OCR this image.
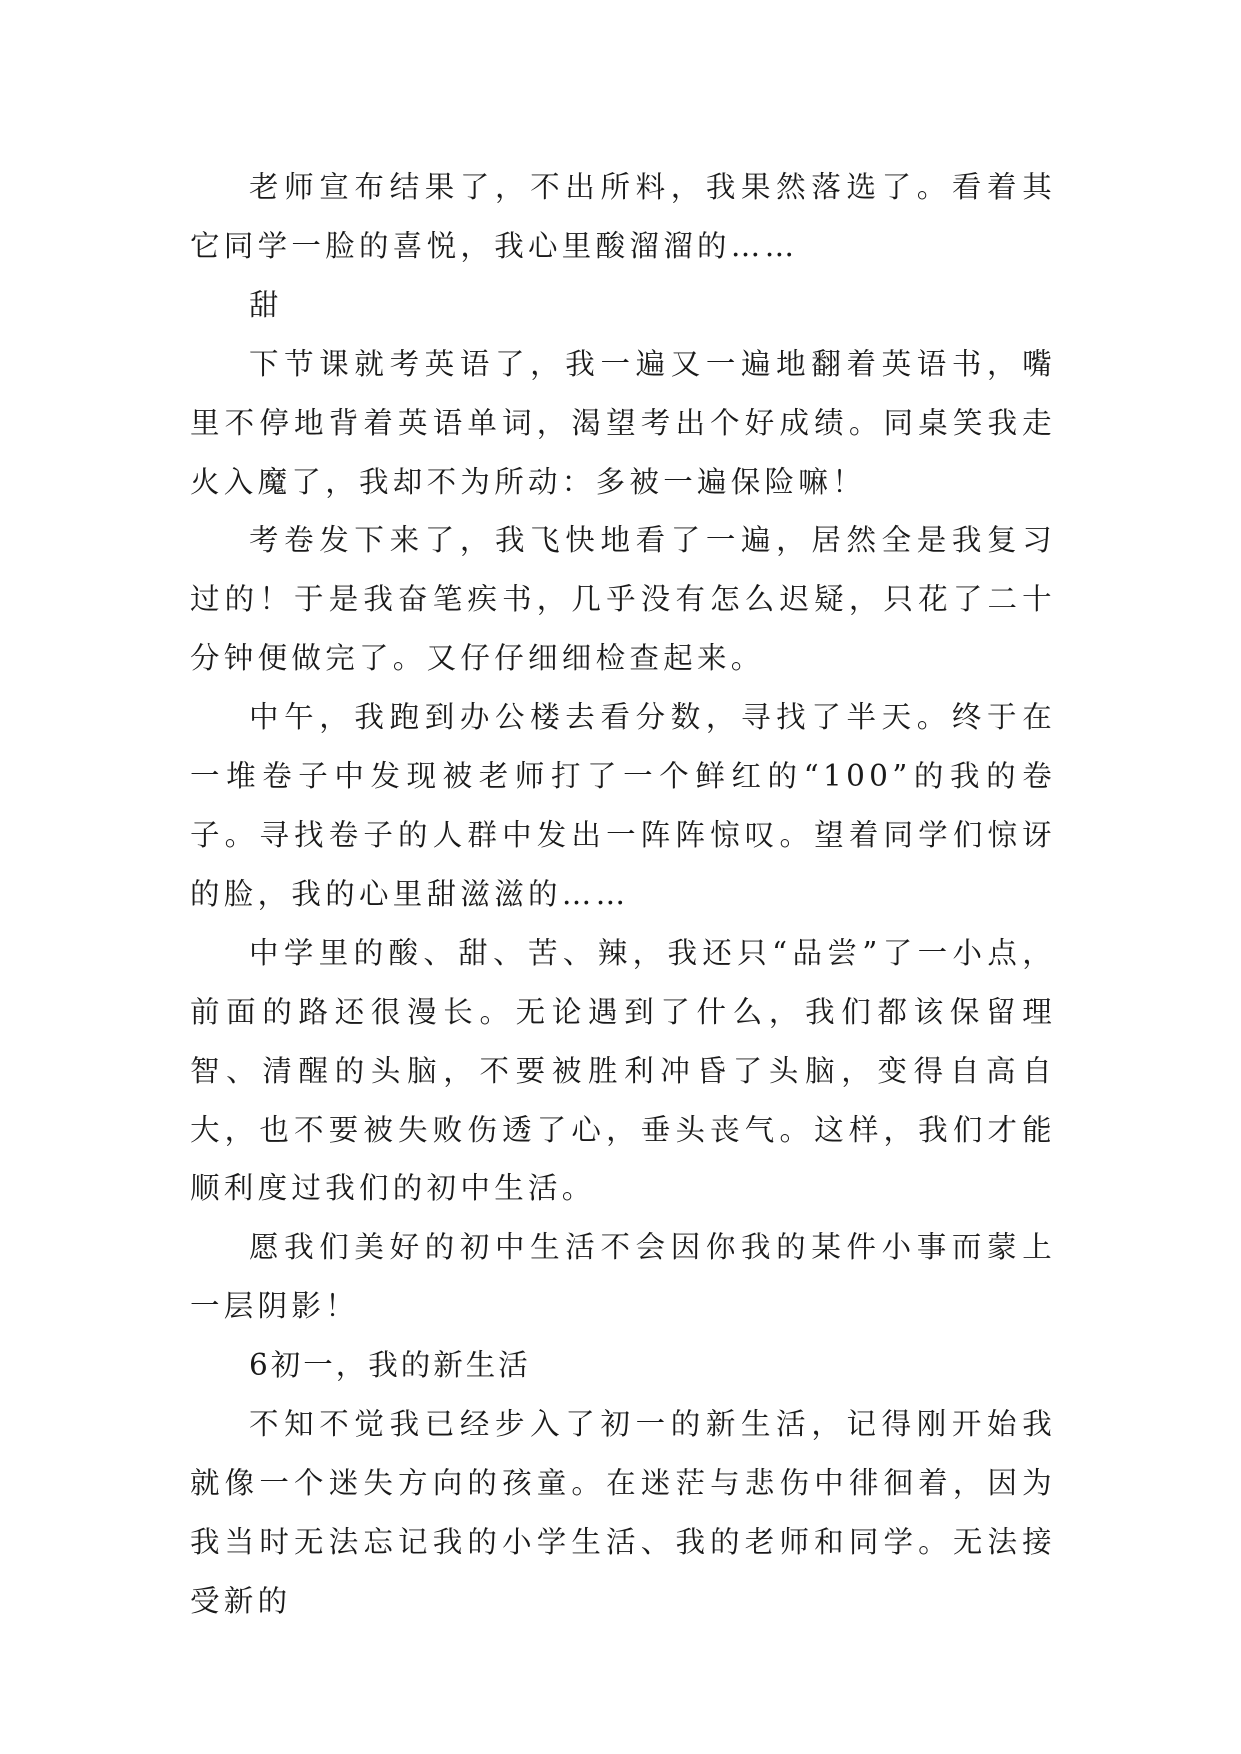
老师宣布结果了，不出所料，我果然落选了。看着其它同学一脸的喜悦，我心里酸溜溜的……

甜

下节课就考英语了，我一遍又一遍地翻着英语书，嘴里不停地背着英语单词，渴望考出个好成绩。同桌笑我走火入魔了，我却不为所动：多被一遍保险嘛！

考卷发下来了，我飞快地看了一遍，居然全是我复习过的！于是我奋笔疾书，几乎没有怎么迟疑，只花了二十分钟便做完了。又仔仔细细检查起来。

中午，我跑到办公楼去看分数，寻找了半天。终于在一堆卷子中发现被老师打了一个鲜红的“100”的我的卷子。寻找卷子的人群中发出一阵阵惊叹。望着同学们惊讶的脸，我的心里甜滋滋的……

中学里的酸、甜、苦、辣，我还只“品尝”了一小点，前面的路还很漫长。无论遇到了什么，我们都该保留理智、清醒的头脑，不要被胜利冲昏了头脑，变得自高自大，也不要被失败伤透了心，垂头丧气。这样，我们才能顺利度过我们的初中生活。

愿我们美好的初中生活不会因你我的某件小事而蒙上一层阴影！

6初一，我的新生活

不知不觉我已经步入了初一的新生活，记得刚开始我就像一个迷失方向的孩童。在迷茫与悲伤中徘徊着，因为我当时无法忘记我的小学生活、我的老师和同学。无法接受新的
